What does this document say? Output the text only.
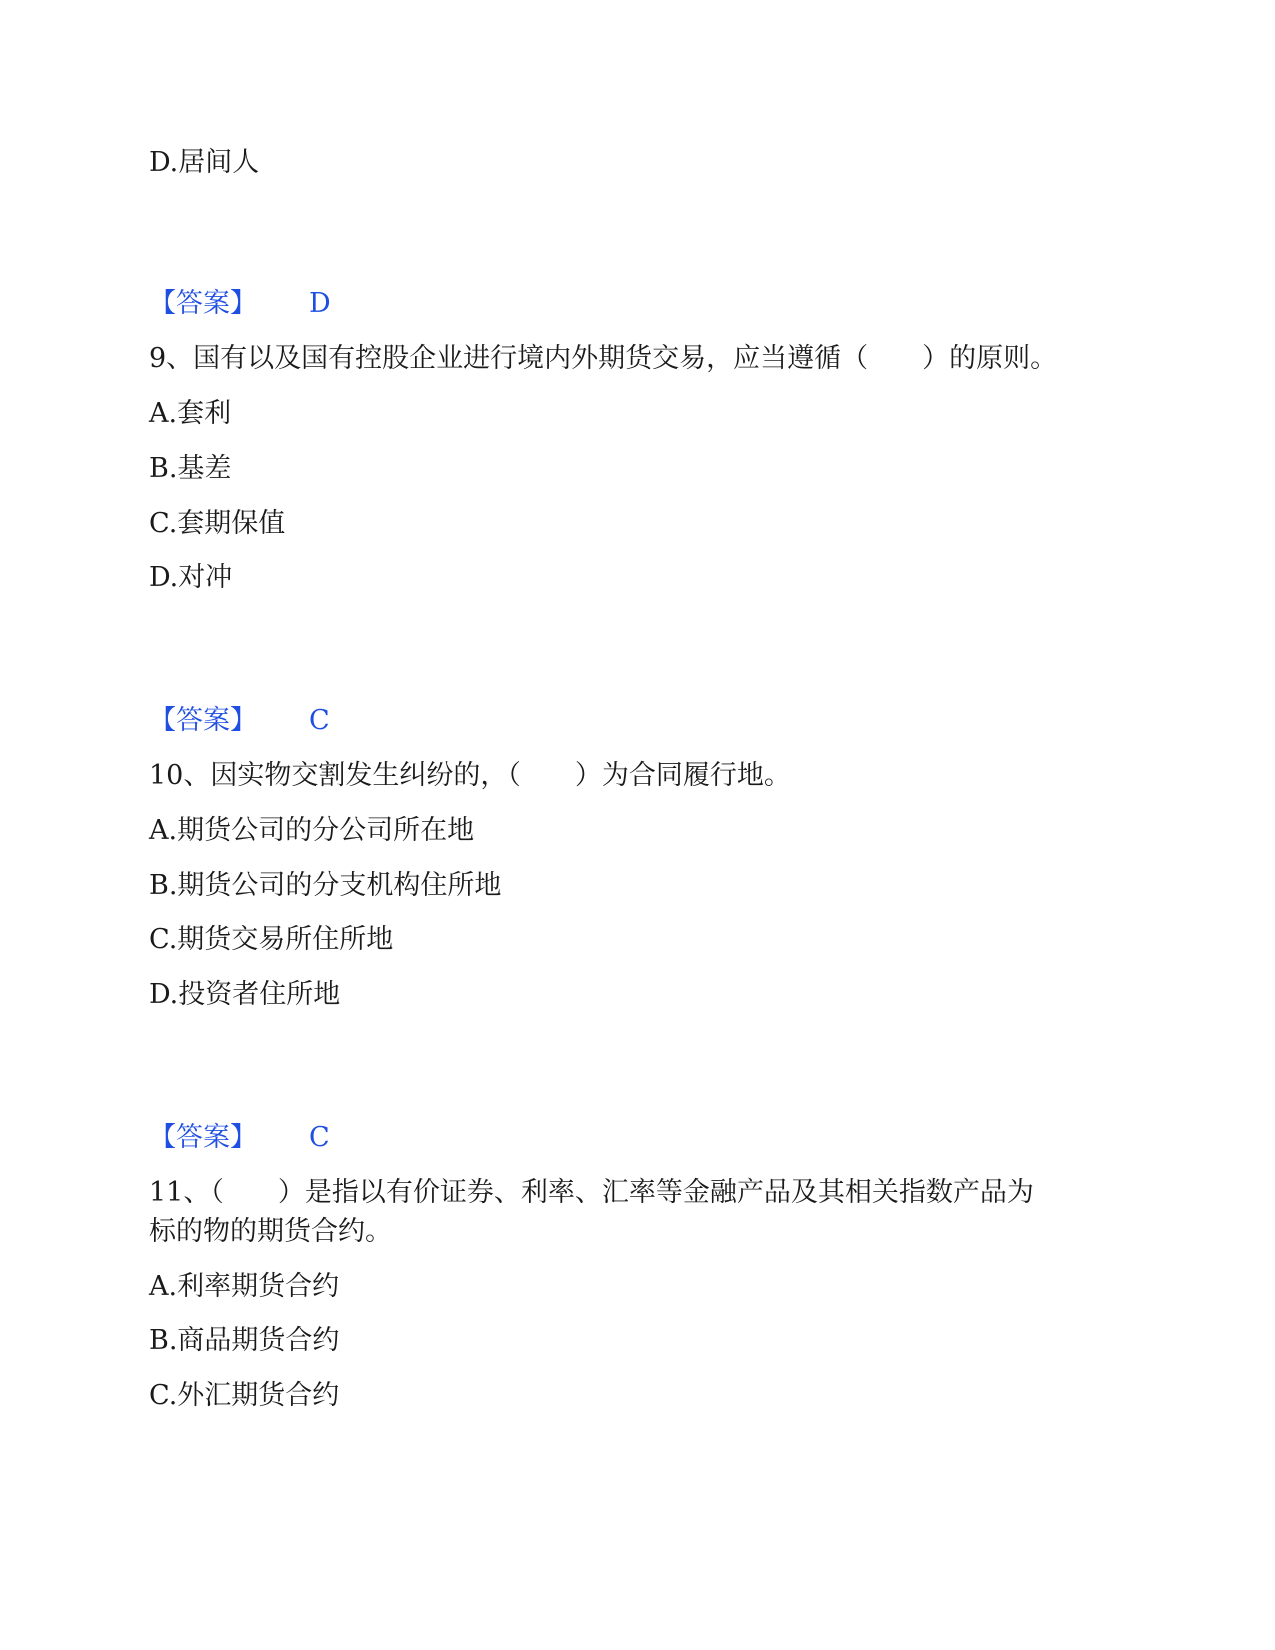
D.居间人
【答案】 D
9、国有以及国有控股企业进行境内外期货交易，应当遵循（　　）的原则。
A.套利
B.基差
C.套期保值
D.对冲
【答案】 C
10、因实物交割发生纠纷的，（　　）为合同履行地。
A.期货公司的分公司所在地
B.期货公司的分支机构住所地
C.期货交易所住所地
D.投资者住所地
【答案】 C
11、（　　）是指以有价证券、利率、汇率等金融产品及其相关指数产品为
标的物的期货合约。
A.利率期货合约
B.商品期货合约
C.外汇期货合约
